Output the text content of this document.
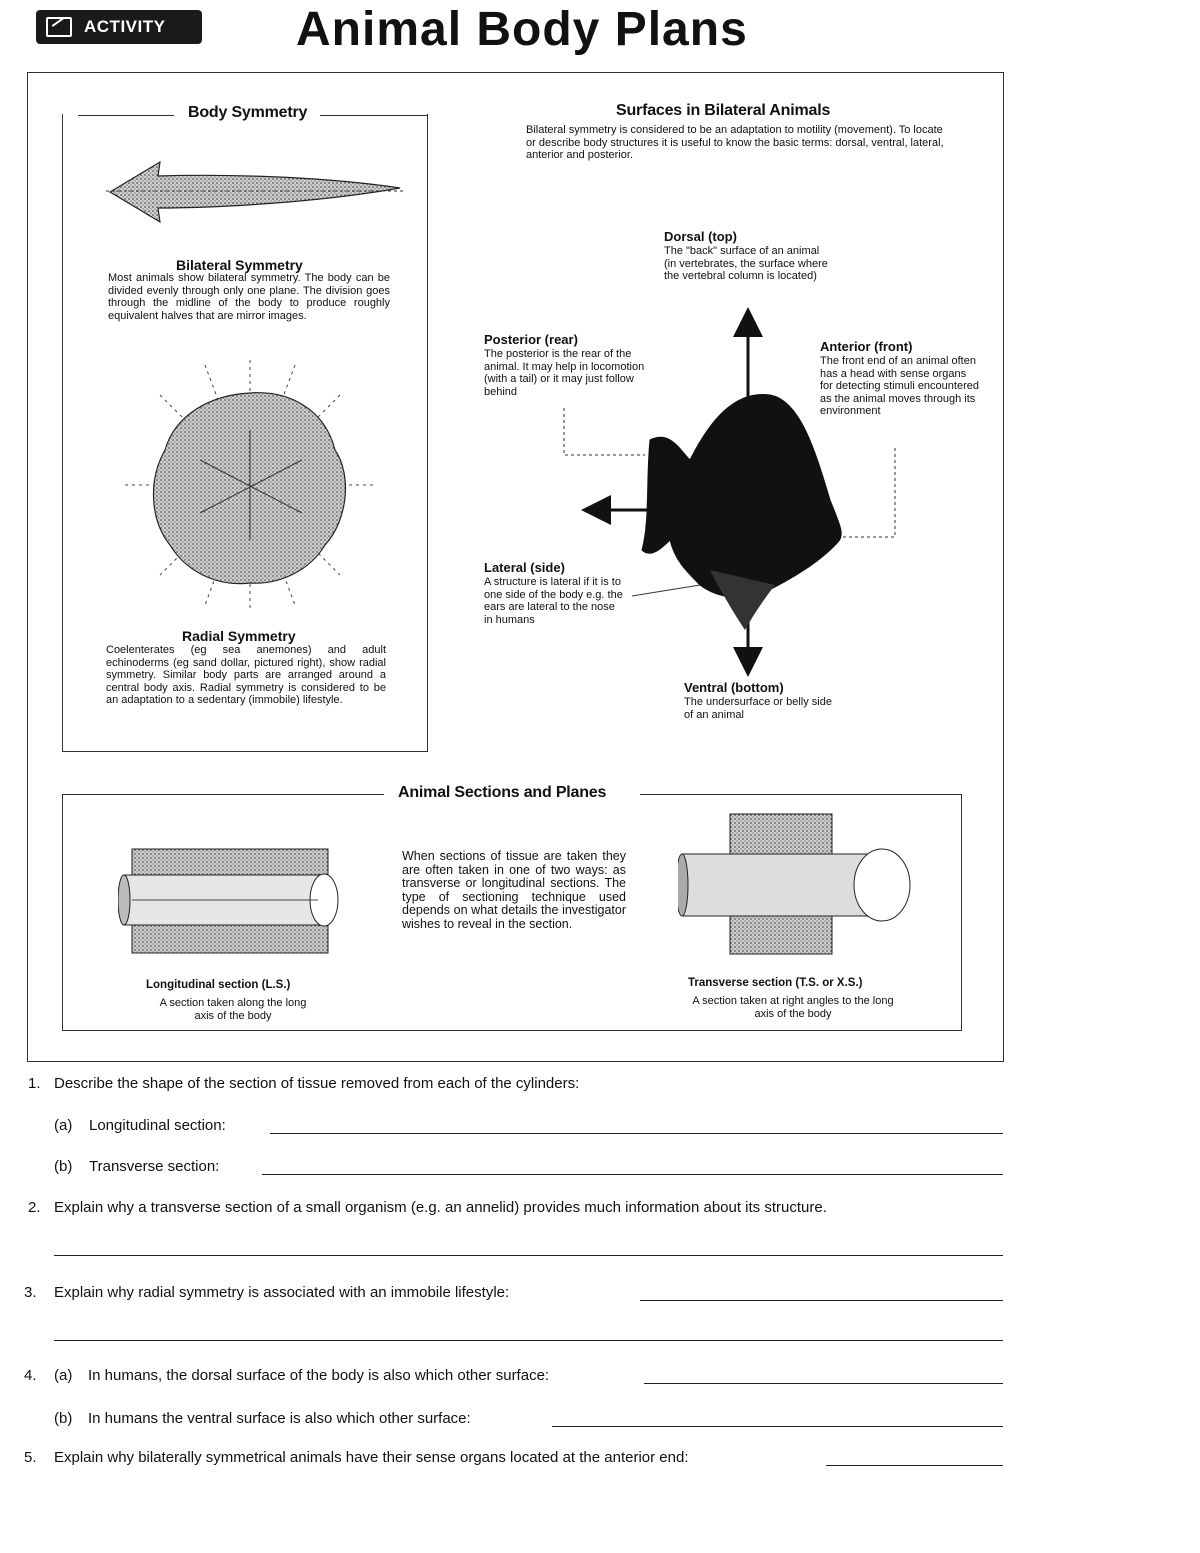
ACTIVITY	Animal Body Plans
Body Symmetry
Bilateral Symmetry
Most animals show bilateral symmetry. The body can be divided evenly through only one plane. The division goes through the midline of the body to produce roughly equivalent halves that are mirror images.
Radial Symmetry
Coelenterates (eg sea anemones) and adult echinoderms (eg sand dollar, pictured right), show radial symmetry. Similar body parts are arranged around a central body axis. Radial symmetry is considered to be an adaptation to a sedentary (immobile) lifestyle.
Surfaces in Bilateral Animals
Bilateral symmetry is considered to be an adaptation to motility (movement). To locate or describe body structures it is useful to know the basic terms: dorsal, ventral, lateral, anterior and posterior.
Dorsal (top)
The "back" surface of an animal (in vertebrates, the surface where the vertebral column is located)
Posterior (rear)
The posterior is the rear of the animal. It may help in locomotion (with a tail) or it may just follow behind
Anterior (front)
The front end of an animal often has a head with sense organs for detecting stimuli encountered as the animal moves through its environment
Lateral (side)
A structure is lateral if it is to one side of the body e.g. the ears are lateral to the nose in humans
Ventral (bottom)
The undersurface or belly side of an animal
Animal Sections and Planes
When sections of tissue are taken they are often taken in one of two ways: as transverse or longitudinal sections. The type of sectioning technique used depends on what details the investigator wishes to reveal in the section.
Longitudinal section (L.S.)
A section taken along the long axis of the body
Transverse section (T.S. or X.S.)
A section taken at right angles to the long axis of the body
1. Describe the shape of the section of tissue removed from each of the cylinders:
(a) Longitudinal section:
(b) Transverse section:
2. Explain why a transverse section of a small organism (e.g. an annelid) provides much information about its structure.
3. Explain why radial symmetry is associated with an immobile lifestyle:
4. (a) In humans, the dorsal surface of the body is also which other surface:
(b) In humans the ventral surface is also which other surface:
5. Explain why bilaterally symmetrical animals have their sense organs located at the anterior end:
